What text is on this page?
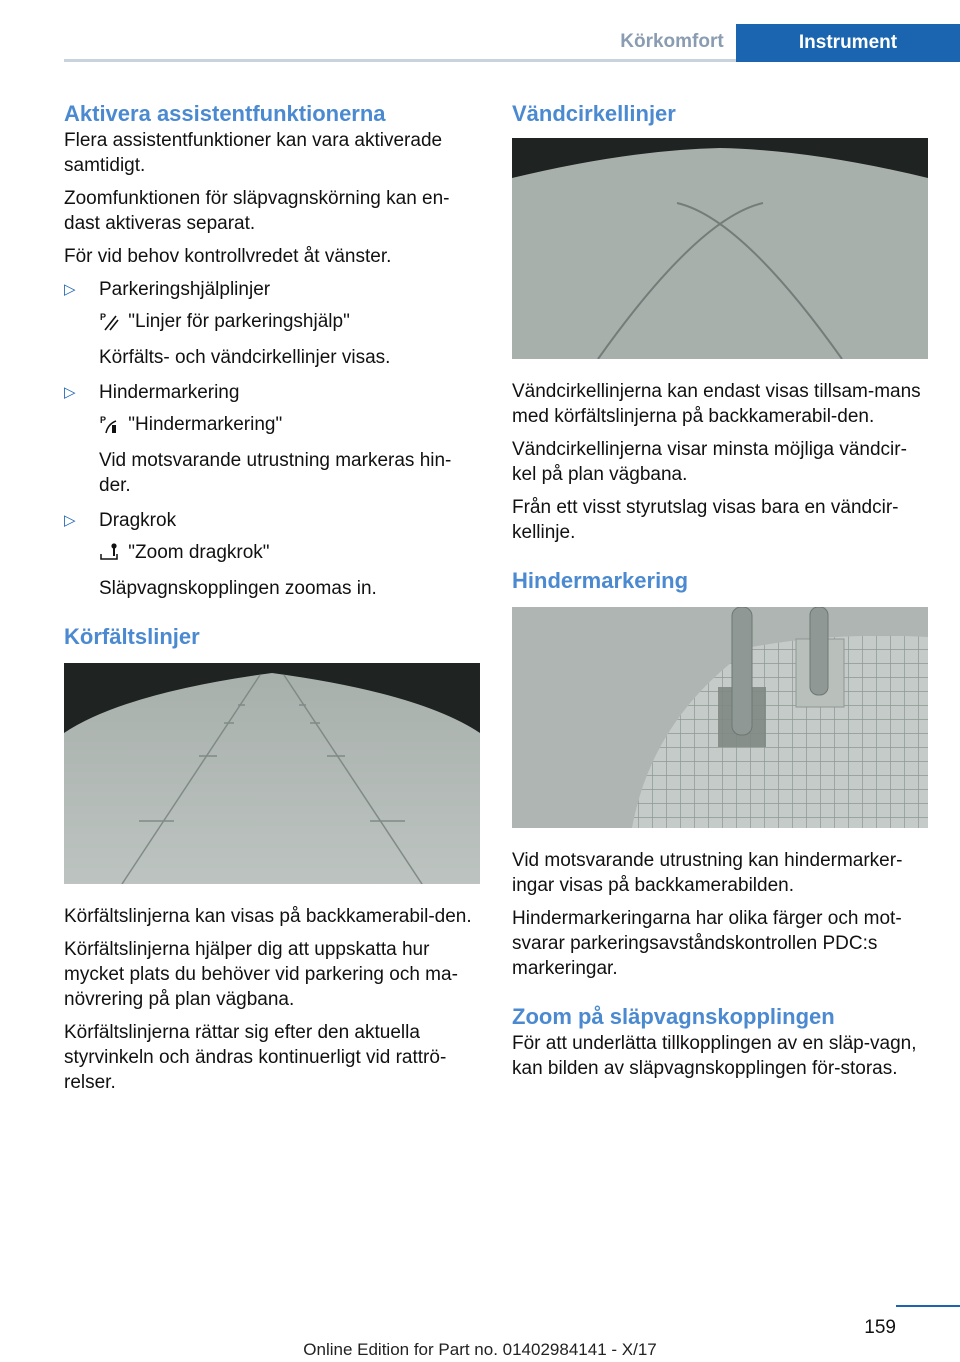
Körkomfort	Instrument
Aktivera assistentfunktionerna

Flera assistentfunktioner kan vara aktiverade samtidigt.

Zoomfunktionen för släpvagnskörning kan en-dast aktiveras separat.

För vid behov kontrollvredet åt vänster.

▷ Parkeringshjälplinjer
P "Linjer för parkeringshjälp"
Körfälts- och vändcirkellinjer visas.
▷ Hindermarkering
P "Hindermarkering"
Vid motsvarande utrustning markeras hin-der.
▷ Dragkrok
"Zoom dragkrok"
Släpvagnskopplingen zoomas in.
Körfältslinjer

Körfältslinjerna kan visas på backkamerabil-den.

Körfältslinjerna hjälper dig att uppskatta hur mycket plats du behöver vid parkering och ma-növrering på plan vägbana.

Körfältslinjerna rättar sig efter den aktuella styrvinkeln och ändras kontinuerligt vid rattrö-relser.

Vändcirkellinjer

Vändcirkellinjerna kan endast visas tillsam-mans med körfältslinjerna på backkamerabil-den.

Vändcirkellinjerna visar minsta möjliga vändcir-kel på plan vägbana.

Från ett visst styrutslag visas bara en vändcir-kellinje.

Hindermarkering

Vid motsvarande utrustning kan hindermarker-ingar visas på backkamerabilden.

Hindermarkeringarna har olika färger och mot-svarar parkeringsavståndskontrollen PDC:s markeringar.

Zoom på släpvagnskopplingen

För att underlätta tillkopplingen av en släp-vagn, kan bilden av släpvagnskopplingen för-storas.

159
Online Edition for Part no. 01402984141 - X/17
